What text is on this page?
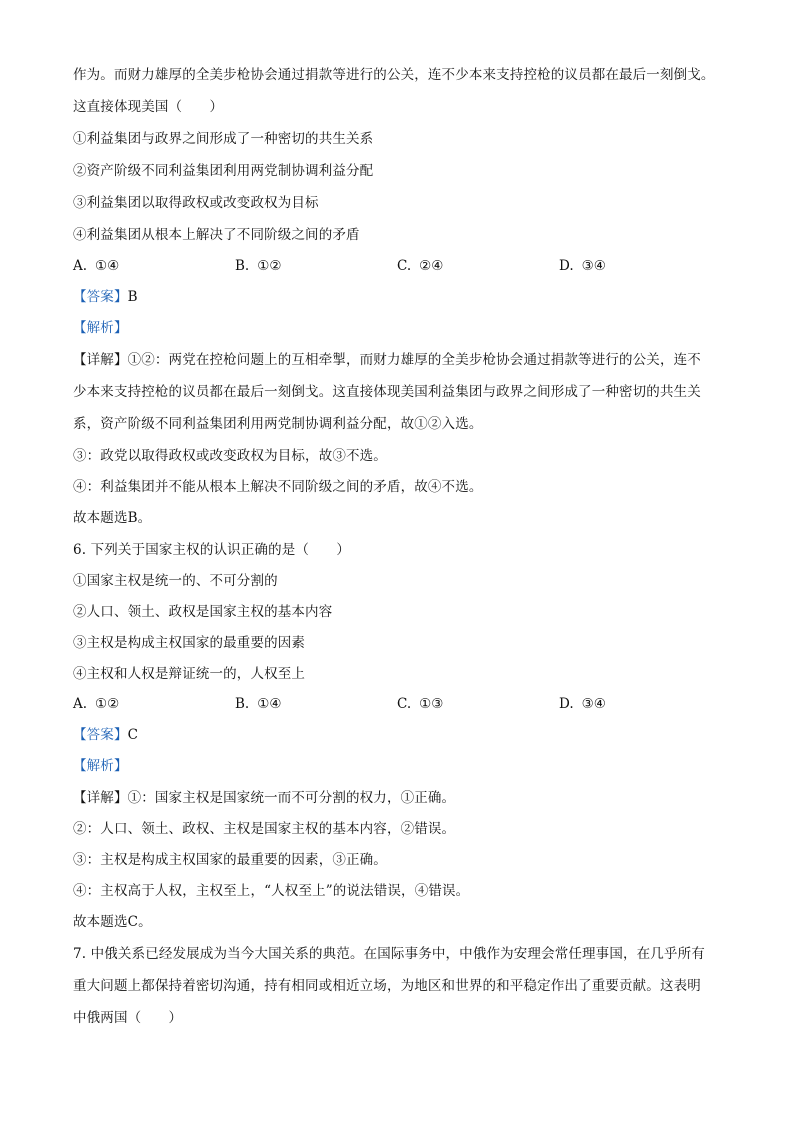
作为。而财力雄厚的全美步枪协会通过捐款等进行的公关，连不少本来支持控枪的议员都在最后一刻倒戈。
这直接体现美国（　　）
①利益集团与政界之间形成了一种密切的共生关系
②资产阶级不同利益集团利用两党制协调利益分配
③利益集团以取得政权或改变政权为目标
④利益集团从根本上解决了不同阶级之间的矛盾
A. ①④	B. ①②	C. ②④	D. ③④
【答案】B
【解析】
【详解】①②：两党在控枪问题上的互相牵掣，而财力雄厚的全美步枪协会通过捐款等进行的公关，连不
少本来支持控枪的议员都在最后一刻倒戈。这直接体现美国利益集团与政界之间形成了一种密切的共生关
系，资产阶级不同利益集团利用两党制协调利益分配，故①②入选。
③：政党以取得政权或改变政权为目标，故③不选。
④：利益集团并不能从根本上解决不同阶级之间的矛盾，故④不选。
故本题选B。
6. 下列关于国家主权的认识正确的是（　　）
①国家主权是统一的、不可分割的
②人口、领土、政权是国家主权的基本内容
③主权是构成主权国家的最重要的因素
④主权和人权是辩证统一的，人权至上
A. ①②	B. ①④	C. ①③	D. ③④
【答案】C
【解析】
【详解】①：国家主权是国家统一而不可分割的权力，①正确。
②：人口、领土、政权、主权是国家主权的基本内容，②错误。
③：主权是构成主权国家的最重要的因素，③正确。
④：主权高于人权，主权至上，“人权至上”的说法错误，④错误。
故本题选C。
7. 中俄关系已经发展成为当今大国关系的典范。在国际事务中，中俄作为安理会常任理事国，在几乎所有
重大问题上都保持着密切沟通，持有相同或相近立场，为地区和世界的和平稳定作出了重要贡献。这表明
中俄两国（　　）
